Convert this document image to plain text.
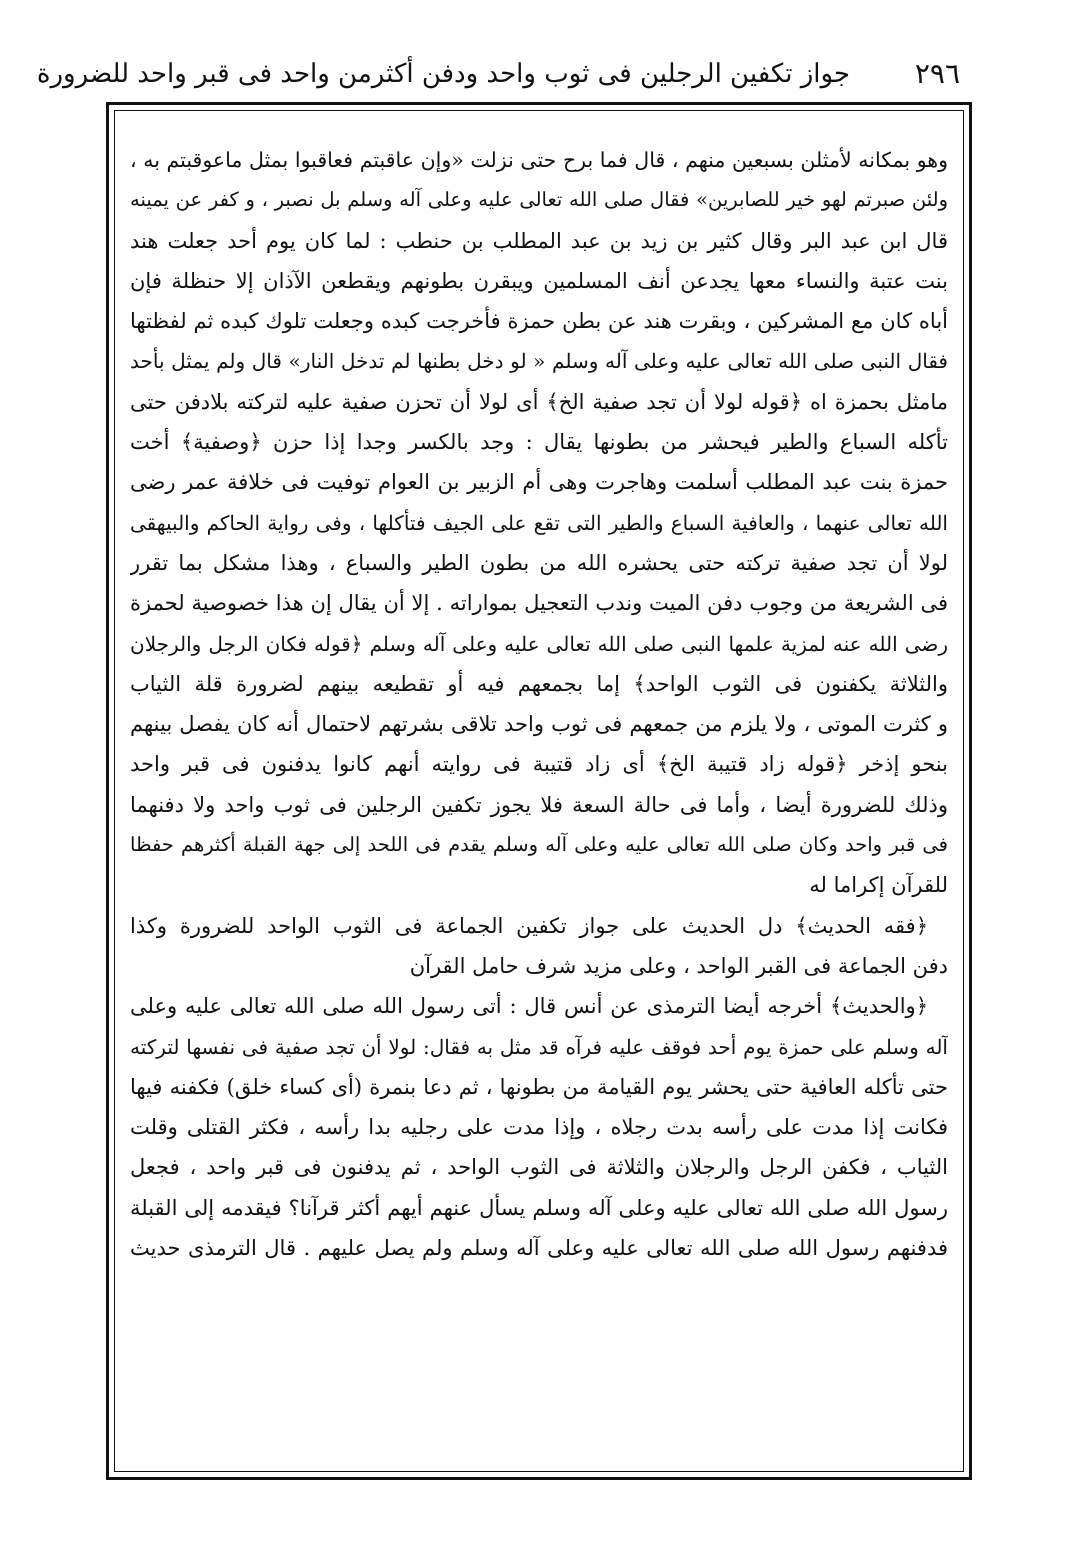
٢٩٦
جواز تكفين الرجلين فى ثوب واحد ودفن أكثرمن واحد فى قبر واحد للضرورة
وهو بمكانه لأمثلن بسبعين منهم ، قال فما برح حتى نزلت «وإن عاقبتم فعاقبوا بمثل ماعوقبتم به ،
ولئن صبرتم لهو خير للصابرين» فقال صلى الله تعالى عليه وعلى آله وسلم بل نصبر ، و كفر عن يمينه
قال ابن عبد البر وقال كثير بن زيد بن عبد المطلب بن حنطب : لما كان يوم أحد جعلت هند
بنت عتبة والنساء معها يجدعن أنف المسلمين ويبقرن بطونهم ويقطعن الآذان إلا حنظلة فإن
أباه كان مع المشركين ، وبقرت هند عن بطن حمزة فأخرجت كبده وجعلت تلوك كبده ثم لفظتها
فقال النبى صلى الله تعالى عليه وعلى آله وسلم « لو دخل بطنها لم تدخل النار» قال ولم يمثل بأحد
مامثل بحمزة اه ﴿قوله لولا أن تجد صفية الخ﴾ أى لولا أن تحزن صفية عليه لتركته بلادفن حتى
تأكله السباع والطير فيحشر من بطونها يقال : وجد بالكسر وجدا إذا حزن ﴿وصفية﴾ أخت
حمزة بنت عبد المطلب أسلمت وهاجرت وهى أم الزبير بن العوام توفيت فى خلافة عمر رضى
الله تعالى عنهما ، والعافية السباع والطير التى تقع على الجيف فتأكلها ، وفى رواية الحاكم والبيهقى
لولا أن تجد صفية تركته حتى يحشره الله من بطون الطير والسباع ، وهذا مشكل بما تقرر
فى الشريعة من وجوب دفن الميت وندب التعجيل بمواراته . إلا أن يقال إن هذا خصوصية لحمزة
رضى الله عنه لمزية علمها النبى صلى الله تعالى عليه وعلى آله وسلم ﴿قوله فكان الرجل والرجلان
والثلاثة يكفنون فى الثوب الواحد﴾ إما بجمعهم فيه أو تقطيعه بينهم لضرورة قلة الثياب
و كثرت الموتى ، ولا يلزم من جمعهم فى ثوب واحد تلاقى بشرتهم لاحتمال أنه كان يفصل بينهم
بنحو إذخر ﴿قوله زاد قتيبة الخ﴾ أى زاد قتيبة فى روايته أنهم كانوا يدفنون فى قبر واحد
وذلك للضرورة أيضا ، وأما فى حالة السعة فلا يجوز تكفين الرجلين فى ثوب واحد ولا دفنهما
فى قبر واحد وكان صلى الله تعالى عليه وعلى آله وسلم يقدم فى اللحد إلى جهة القبلة أكثرهم حفظا
للقرآن إكراما له
﴿فقه الحديث﴾ دل الحديث على جواز تكفين الجماعة فى الثوب الواحد للضرورة وكذا
دفن الجماعة فى القبر الواحد ، وعلى مزيد شرف حامل القرآن
﴿والحديث﴾ أخرجه أيضا الترمذى عن أنس قال : أتى رسول الله صلى الله تعالى عليه وعلى
آله وسلم على حمزة يوم أحد فوقف عليه فرآه قد مثل به فقال: لولا أن تجد صفية فى نفسها لتركته
حتى تأكله العافية حتى يحشر يوم القيامة من بطونها ، ثم دعا بنمرة (أى كساء خلق) فكفنه فيها
فكانت إذا مدت على رأسه بدت رجلاه ، وإذا مدت على رجليه بدا رأسه ، فكثر القتلى وقلت
الثياب ، فكفن الرجل والرجلان والثلاثة فى الثوب الواحد ، ثم يدفنون فى قبر واحد ، فجعل
رسول الله صلى الله تعالى عليه وعلى آله وسلم يسأل عنهم أيهم أكثر قرآنا؟ فيقدمه إلى القبلة
فدفنهم رسول الله صلى الله تعالى عليه وعلى آله وسلم ولم يصل عليهم . قال الترمذى حديث
